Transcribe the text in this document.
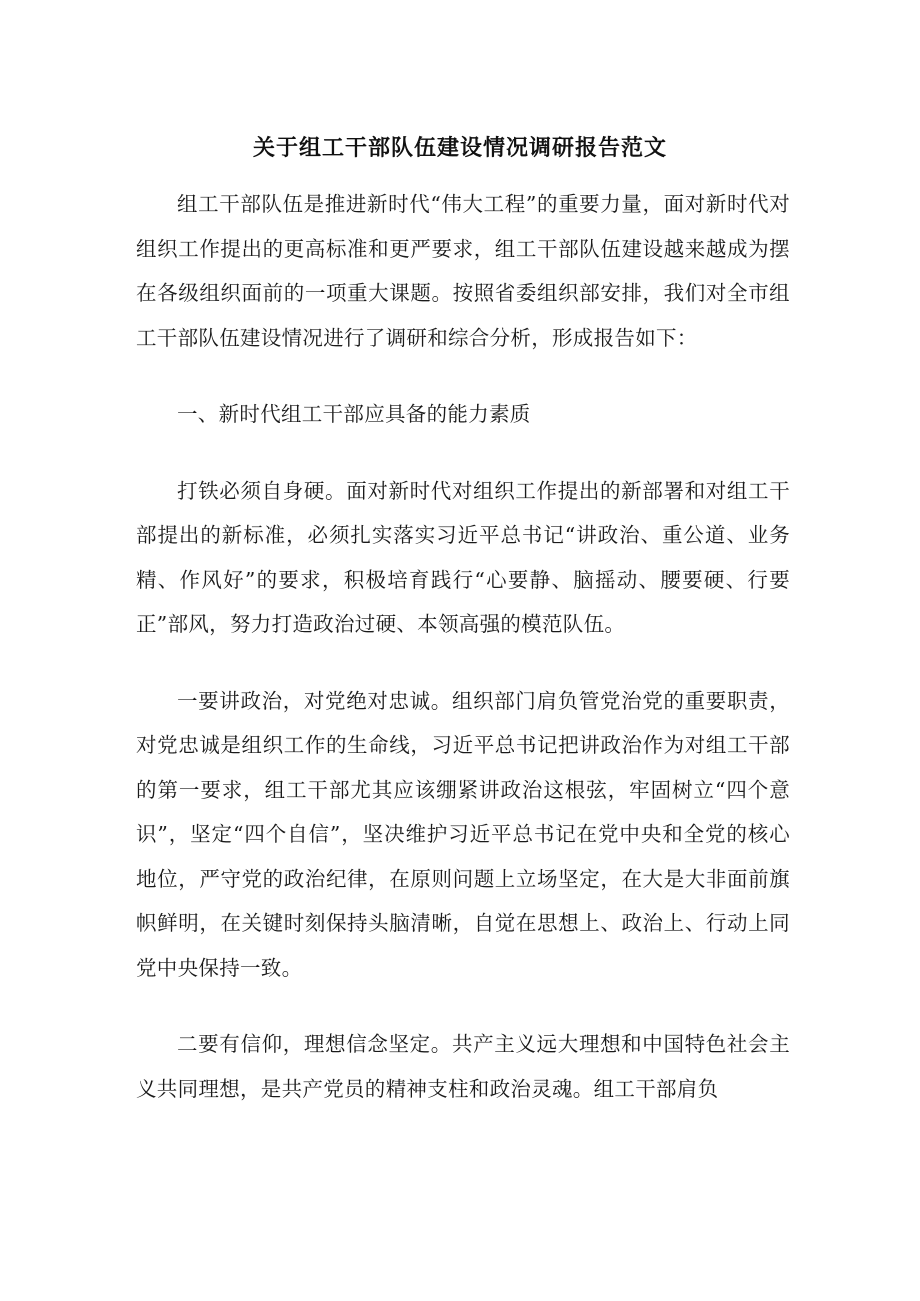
关于组工干部队伍建设情况调研报告范文

组工干部队伍是推进新时代“伟大工程”的重要力量，面对新时代对组织工作提出的更高标准和更严要求，组工干部队伍建设越来越成为摆在各级组织面前的一项重大课题。按照省委组织部安排，我们对全市组工干部队伍建设情况进行了调研和综合分析，形成报告如下：

一、新时代组工干部应具备的能力素质

打铁必须自身硬。面对新时代对组织工作提出的新部署和对组工干部提出的新标准，必须扎实落实习近平总书记“讲政治、重公道、业务精、作风好”的要求，积极培育践行“心要静、脑摇动、腰要硬、行要正”部风，努力打造政治过硬、本领高强的模范队伍。

一要讲政治，对党绝对忠诚。组织部门肩负管党治党的重要职责，对党忠诚是组织工作的生命线，习近平总书记把讲政治作为对组工干部的第一要求，组工干部尤其应该绷紧讲政治这根弦，牢固树立“四个意识”，坚定“四个自信”，坚决维护习近平总书记在党中央和全党的核心地位，严守党的政治纪律，在原则问题上立场坚定，在大是大非面前旗帜鲜明，在关键时刻保持头脑清晰，自觉在思想上、政治上、行动上同党中央保持一致。

二要有信仰，理想信念坚定。共产主义远大理想和中国特色社会主义共同理想，是共产党员的精神支柱和政治灵魂。组工干部肩负
